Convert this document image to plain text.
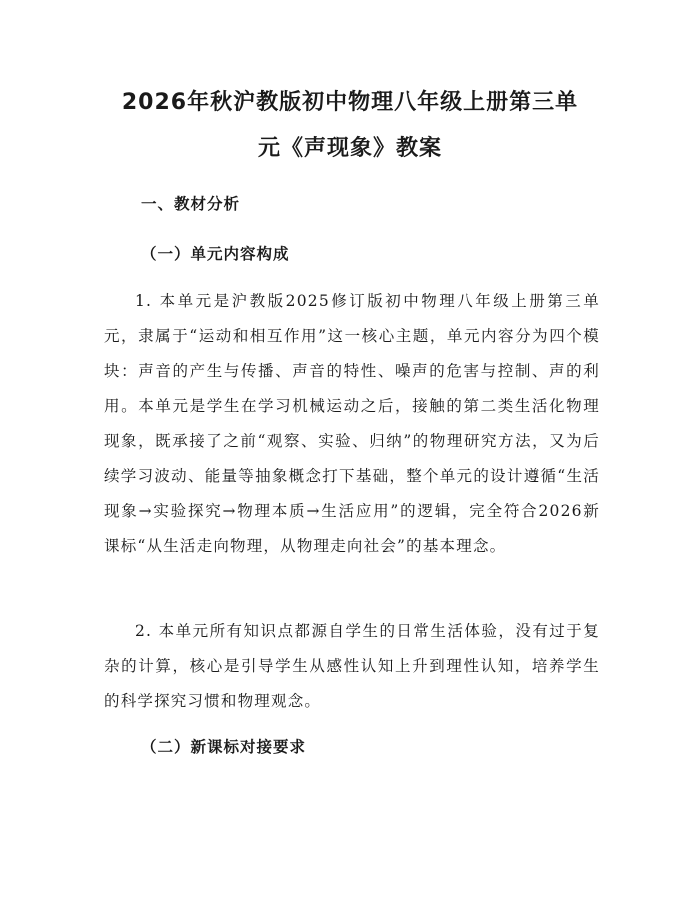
2026年秋沪教版初中物理八年级上册第三单
元《声现象》教案
一、教材分析
（一）单元内容构成

1. 本单元是沪教版2025修订版初中物理八年级上册第三单元，隶属于“运动和相互作用”这一核心主题，单元内容分为四个模块：声音的产生与传播、声音的特性、噪声的危害与控制、声的利用。本单元是学生在学习机械运动之后，接触的第二类生活化物理现象，既承接了之前“观察、实验、归纳”的物理研究方法，又为后续学习波动、能量等抽象概念打下基础，整个单元的设计遵循“生活现象→实验探究→物理本质→生活应用”的逻辑，完全符合2026新课标“从生活走向物理，从物理走向社会”的基本理念。

2. 本单元所有知识点都源自学生的日常生活体验，没有过于复杂的计算，核心是引导学生从感性认知上升到理性认知，培养学生的科学探究习惯和物理观念。

（二）新课标对接要求
